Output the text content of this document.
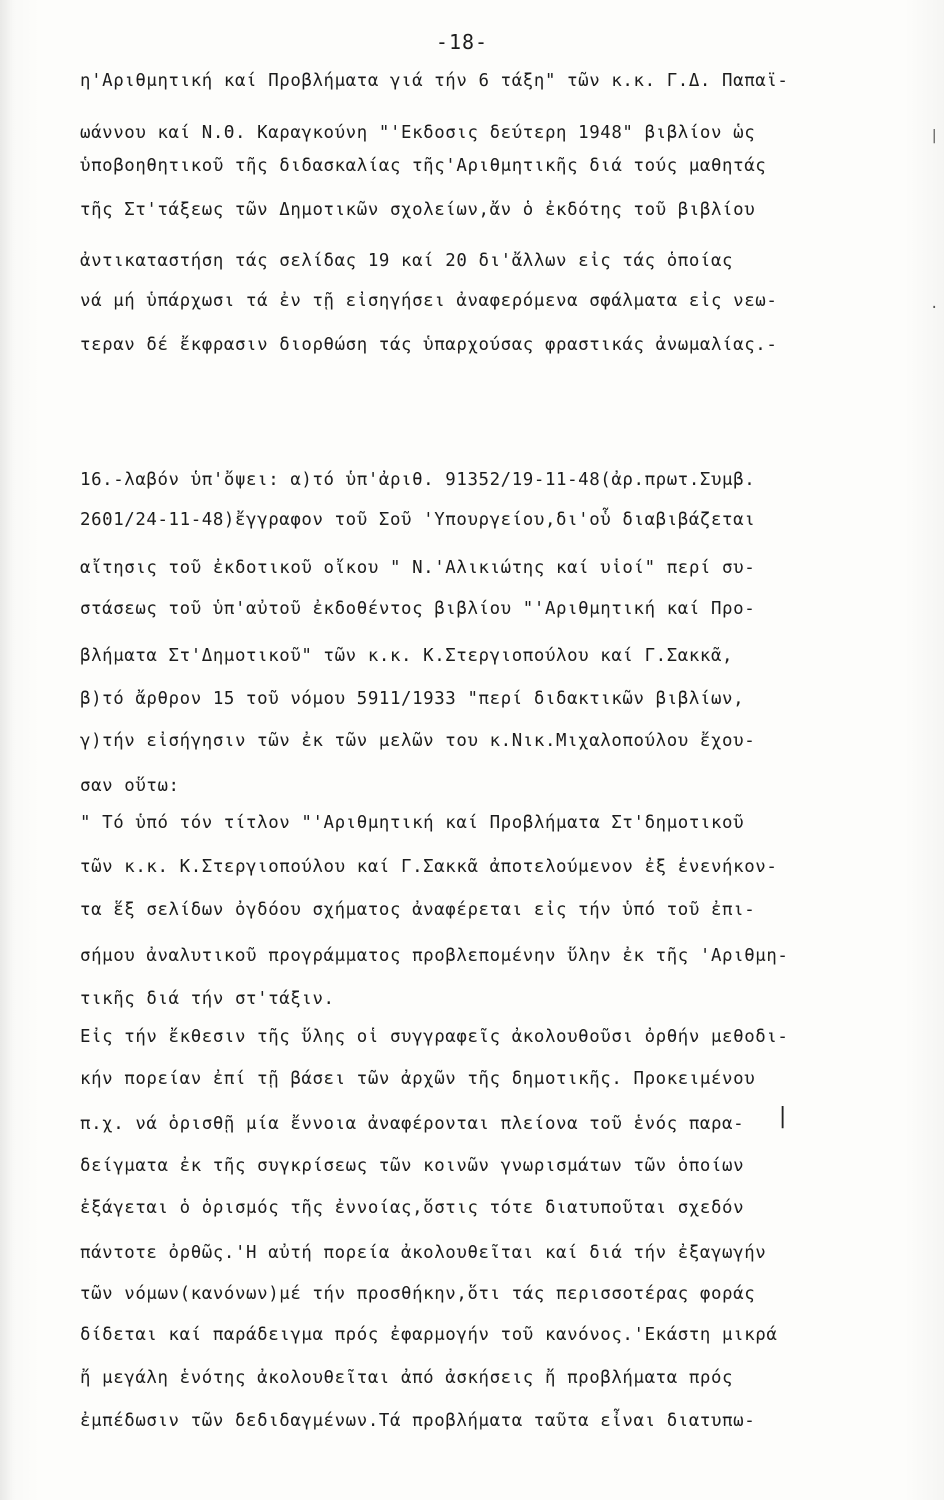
-18-
η'Αριθμητική καί Προβλήματα γιά τήν 6 τάξη" τῶν κ.κ. Γ.Δ. Παπαϊ-
ωάννου καί Ν.Θ. Καραγκούνη "'Εκδοσις δεύτερη 1948" βιβλίον ὡς
ὑποβοηθητικοῦ τῆς διδασκαλίας τῆς'Αριθμητικῆς διά τούς μαθητάς
τῆς Στ'τάξεως τῶν Δημοτικῶν σχολείων,ἄν ὁ ἐκδότης τοῦ βιβλίου
ἀντικαταστήση τάς σελίδας 19 καί 20 δι'ἄλλων εἰς τάς ὁποίας
νά μή ὑπάρχωσι τά ἐν τῇ εἰσηγήσει ἀναφερόμενα σφάλματα εἰς νεω-
τεραν δέ ἔκφρασιν διορθώση τάς ὑπαρχούσας φραστικάς ἀνωμαλίας.-
16.-λαβόν ὑπ'ὄψει: α)τό ὑπ'ἀριθ. 91352/19-11-48(ἀρ.πρωτ.Συμβ.
2601/24-11-48)ἔγγραφον τοῦ Σοῦ 'Υπουργείου,δι'οὗ διαβιβάζεται
αἴτησις τοῦ ἐκδοτικοῦ οἴκου " Ν.'Αλικιώτης καί υἱοί" περί συ-
στάσεως τοῦ ὑπ'αὐτοῦ ἐκδοθέντος βιβλίου "'Αριθμητική καί Προ-
βλήματα Στ'Δημοτικοῦ" τῶν κ.κ. Κ.Στεργιοπούλου καί Γ.Σακκᾶ,
β)τό ἄρθρον 15 τοῦ νόμου 5911/1933 "περί διδακτικῶν βιβλίων,
γ)τήν εἰσήγησιν τῶν ἐκ τῶν μελῶν του κ.Νικ.Μιχαλοπούλου ἔχου-
σαν οὕτω:
" Τό ὑπό τόν τίτλον "'Αριθμητική καί Προβλήματα Στ'δημοτικοῦ
τῶν κ.κ. Κ.Στεργιοπούλου καί Γ.Σακκᾶ ἀποτελούμενον ἐξ ἑνενήκον-
τα ἕξ σελίδων ὀγδόου σχήματος ἀναφέρεται εἰς τήν ὑπό τοῦ ἐπι-
σήμου ἀναλυτικοῦ προγράμματος προβλεπομένην ὕλην ἐκ τῆς 'Αριθμη-
τικῆς διά τήν στ'τάξιν.
Εἰς τήν ἔκθεσιν τῆς ὕλης οἱ συγγραφεῖς ἀκολουθοῦσι ὀρθήν μεθοδι-
κήν πορείαν ἐπί τῇ βάσει τῶν ἀρχῶν τῆς δημοτικῆς. Προκειμένου
π.χ. νά ὁρισθῇ μία ἔννοια ἀναφέρονται πλείονα τοῦ ἑνός παρα-
δείγματα ἐκ τῆς συγκρίσεως τῶν κοινῶν γνωρισμάτων τῶν ὁποίων
ἐξάγεται ὁ ὁρισμός τῆς ἐννοίας,ὅστις τότε διατυποῦται σχεδόν
πάντοτε ὀρθῶς.'Η αὐτή πορεία ἀκολουθεῖται καί διά τήν ἐξαγωγήν
τῶν νόμων(κανόνων)μέ τήν προσθήκην,ὅτι τάς περισσοτέρας φοράς
δίδεται καί παράδειγμα πρός ἐφαρμογήν τοῦ κανόνος.'Εκάστη μικρά
ἤ μεγάλη ἑνότης ἀκολουθεῖται ἀπό ἀσκήσεις ἤ προβλήματα πρός
ἐμπέδωσιν τῶν δεδιδαγμένων.Τά προβλήματα ταῦτα εἶναι διατυπω-
|
.
|
